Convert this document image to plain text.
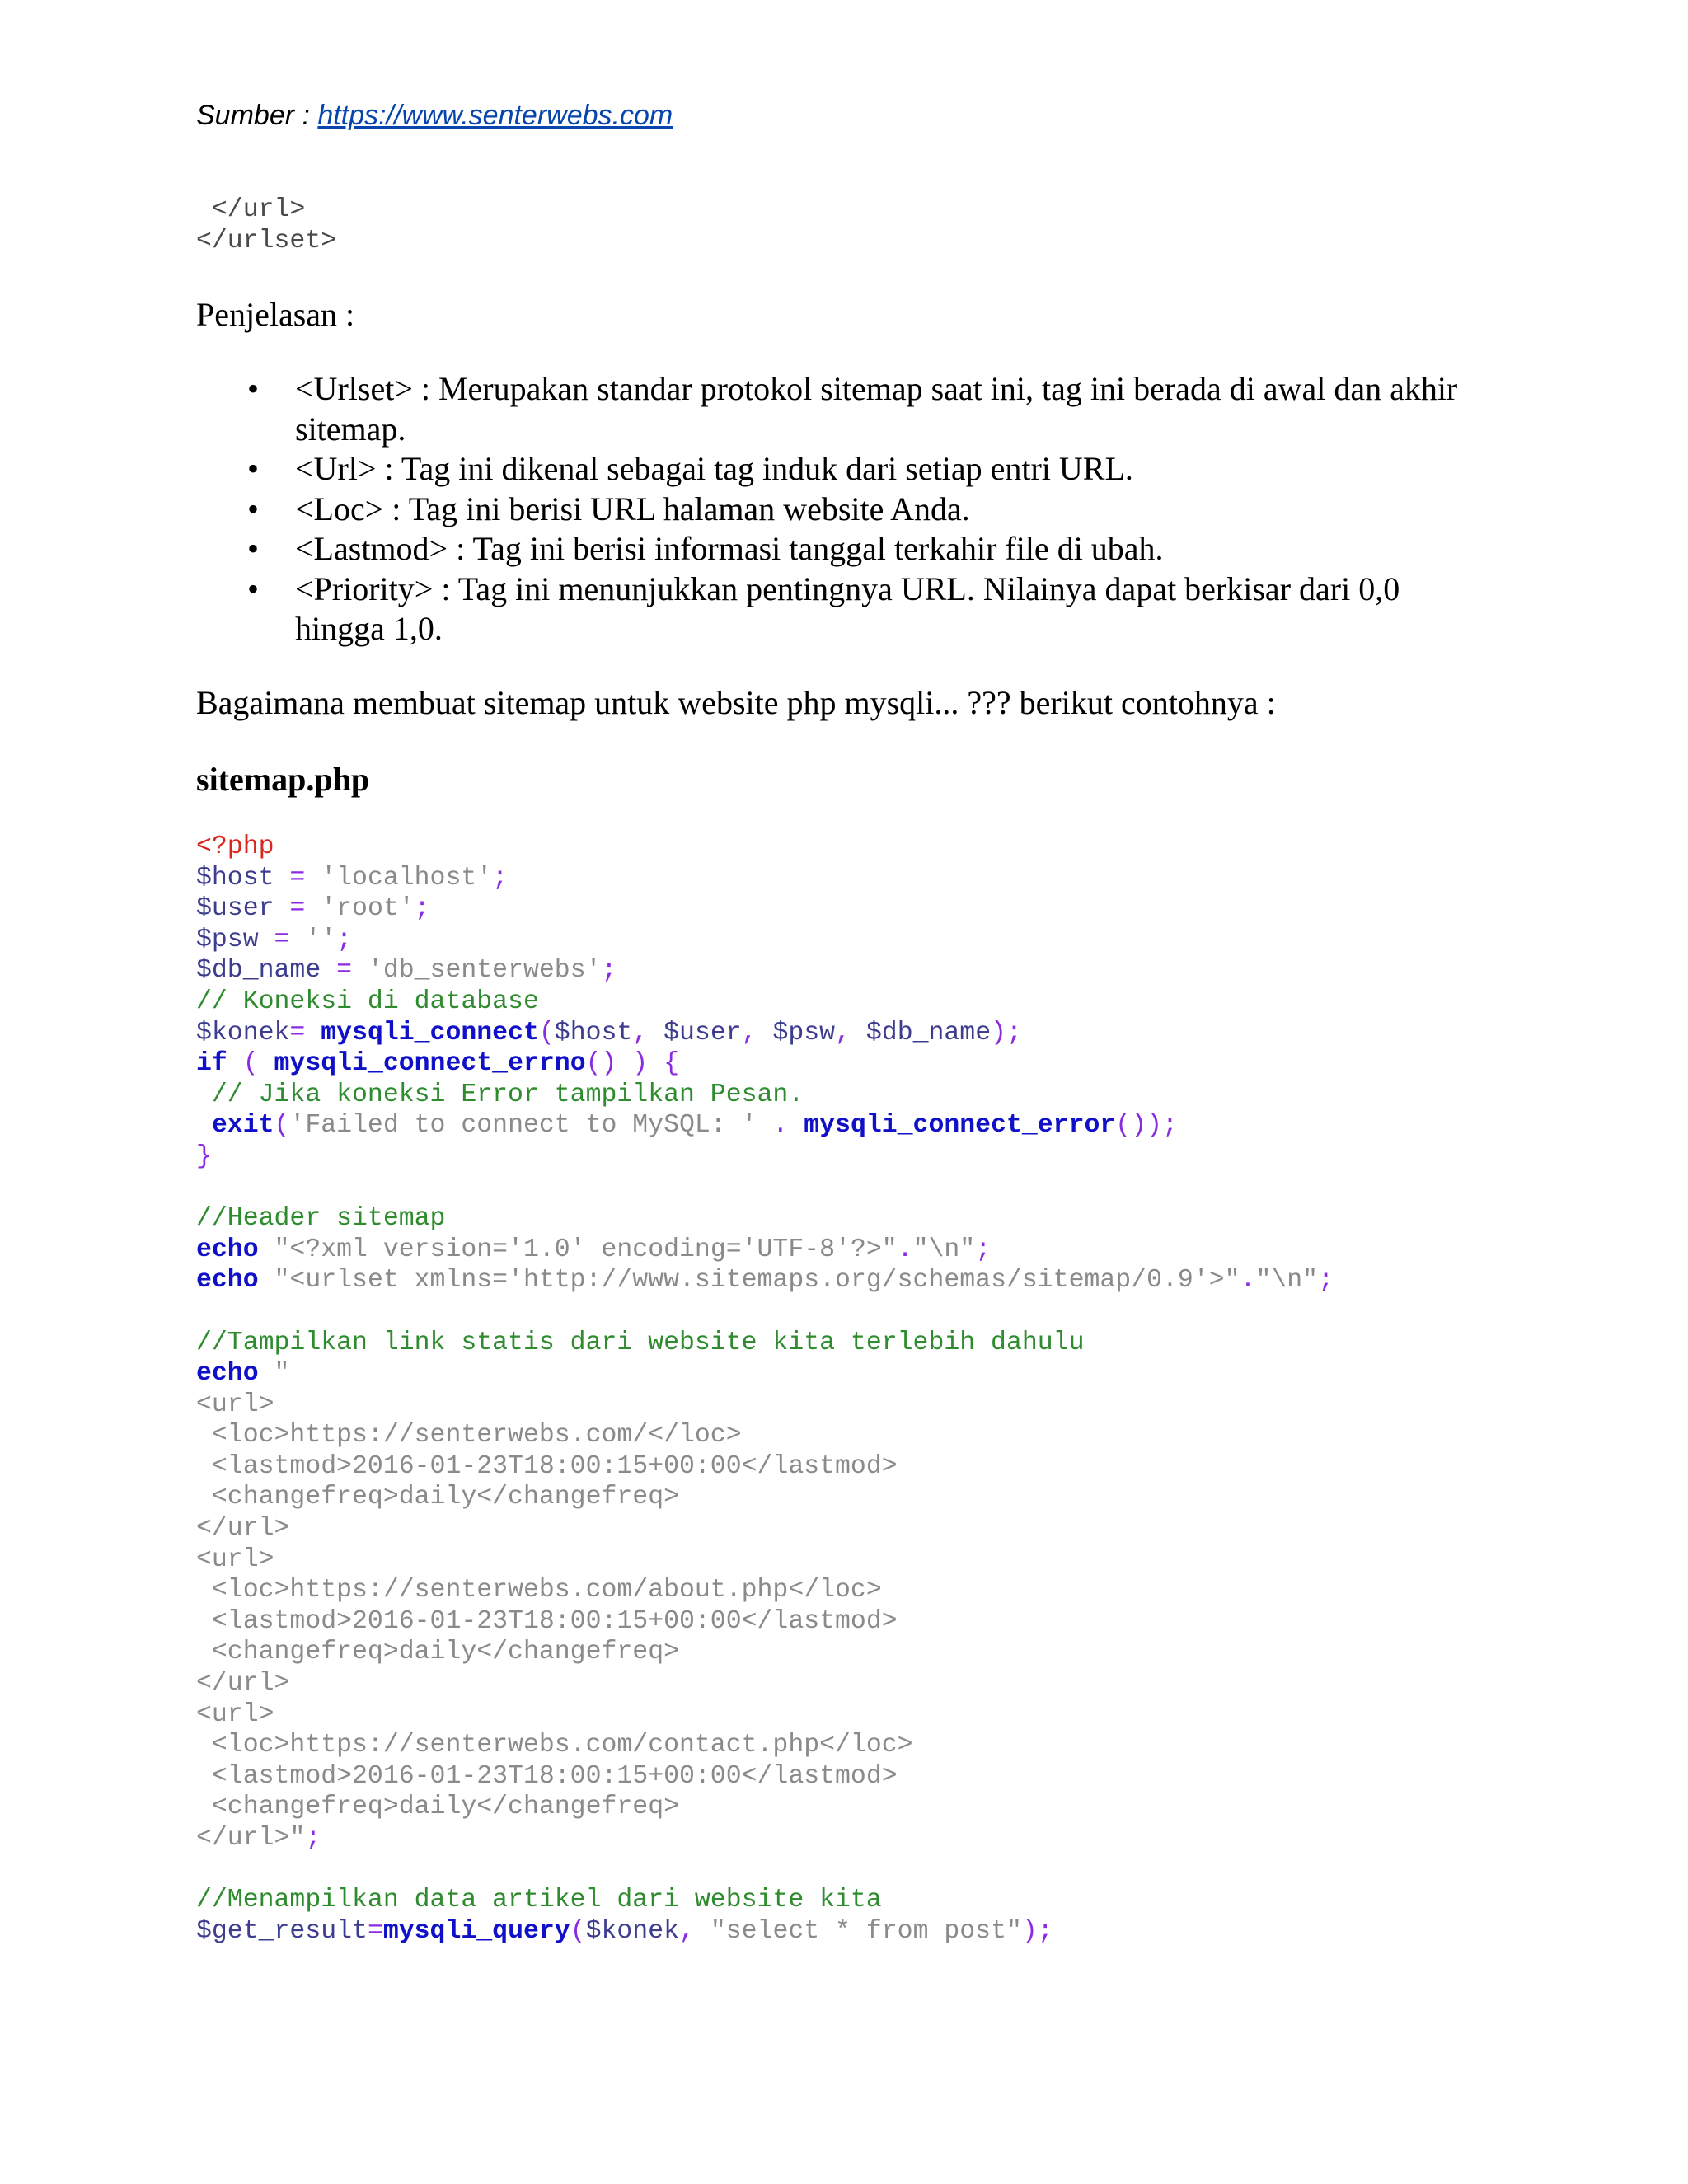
Sumber : https://www.senterwebs.com
</url>
</urlset>
Penjelasan :
• <Urlset> : Merupakan standar protokol sitemap saat ini, tag ini berada di awal dan akhir sitemap.
• <Url> : Tag ini dikenal sebagai tag induk dari setiap entri URL.
• <Loc> : Tag ini berisi URL halaman website Anda.
• <Lastmod> : Tag ini berisi informasi tanggal terkahir file di ubah.
• <Priority> : Tag ini menunjukkan pentingnya URL. Nilainya dapat berkisar dari 0,0 hingga 1,0.
Bagaimana membuat sitemap untuk website php mysqli... ??? berikut contohnya :
sitemap.php
<?php
$host = 'localhost';
$user = 'root';
$psw = '';
$db_name = 'db_senterwebs';
// Koneksi di database
$konek= mysqli_connect($host, $user, $psw, $db_name);
if ( mysqli_connect_errno() ) {
// Jika koneksi Error tampilkan Pesan.
exit('Failed to connect to MySQL: ' . mysqli_connect_error());
}
//Header sitemap
echo "<?xml version='1.0' encoding='UTF-8'?>"."\n";
echo "<urlset xmlns='http://www.sitemaps.org/schemas/sitemap/0.9'>"."\n";
//Tampilkan link statis dari website kita terlebih dahulu
echo "
<url>
<loc>https://senterwebs.com/</loc>
<lastmod>2016-01-23T18:00:15+00:00</lastmod>
<changefreq>daily</changefreq>
</url>
<url>
<loc>https://senterwebs.com/about.php</loc>
<lastmod>2016-01-23T18:00:15+00:00</lastmod>
<changefreq>daily</changefreq>
</url>
<url>
<loc>https://senterwebs.com/contact.php</loc>
<lastmod>2016-01-23T18:00:15+00:00</lastmod>
<changefreq>daily</changefreq>
</url>";
//Menampilkan data artikel dari website kita
$get_result=mysqli_query($konek, "select * from post");
